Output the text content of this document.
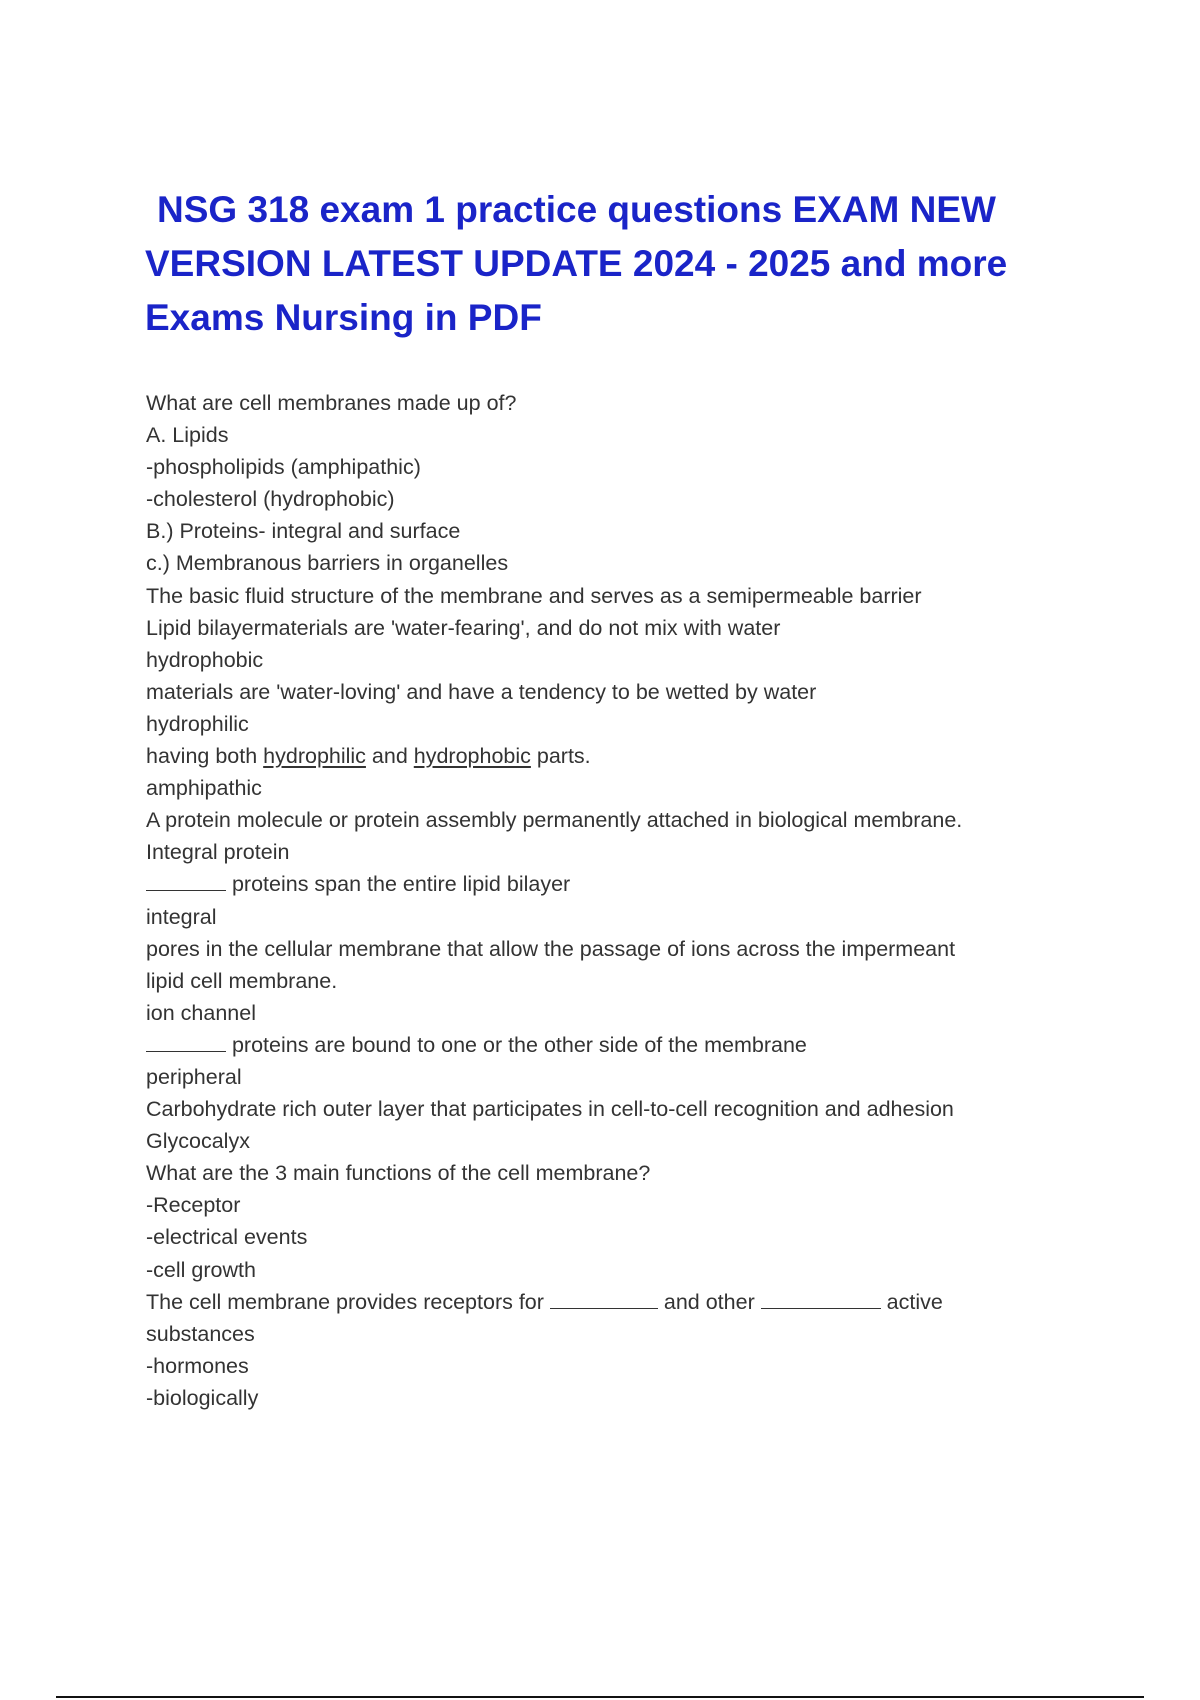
NSG 318 exam 1 practice questions EXAM NEW
VERSION LATEST UPDATE 2024 - 2025 and more
Exams Nursing in PDF
What are cell membranes made up of?
A. Lipids
-phospholipids (amphipathic)
-cholesterol (hydrophobic)
B.) Proteins- integral and surface
c.) Membranous barriers in organelles
The basic fluid structure of the membrane and serves as a semipermeable barrier
Lipid bilayermaterials are 'water-fearing', and do not mix with water
hydrophobic
materials are 'water-loving' and have a tendency to be wetted by water
hydrophilic
having both hydrophilic and hydrophobic parts.
amphipathic
A protein molecule or protein assembly permanently attached in biological membrane.
Integral protein
proteins span the entire lipid bilayer
integral
pores in the cellular membrane that allow the passage of ions across the impermeant
lipid cell membrane.
ion channel
proteins are bound to one or the other side of the membrane
peripheral
Carbohydrate rich outer layer that participates in cell-to-cell recognition and adhesion
Glycocalyx
What are the 3 main functions of the cell membrane?
-Receptor
-electrical events
-cell growth
The cell membrane provides receptors for	and other	active
substances
-hormones
-biologically
